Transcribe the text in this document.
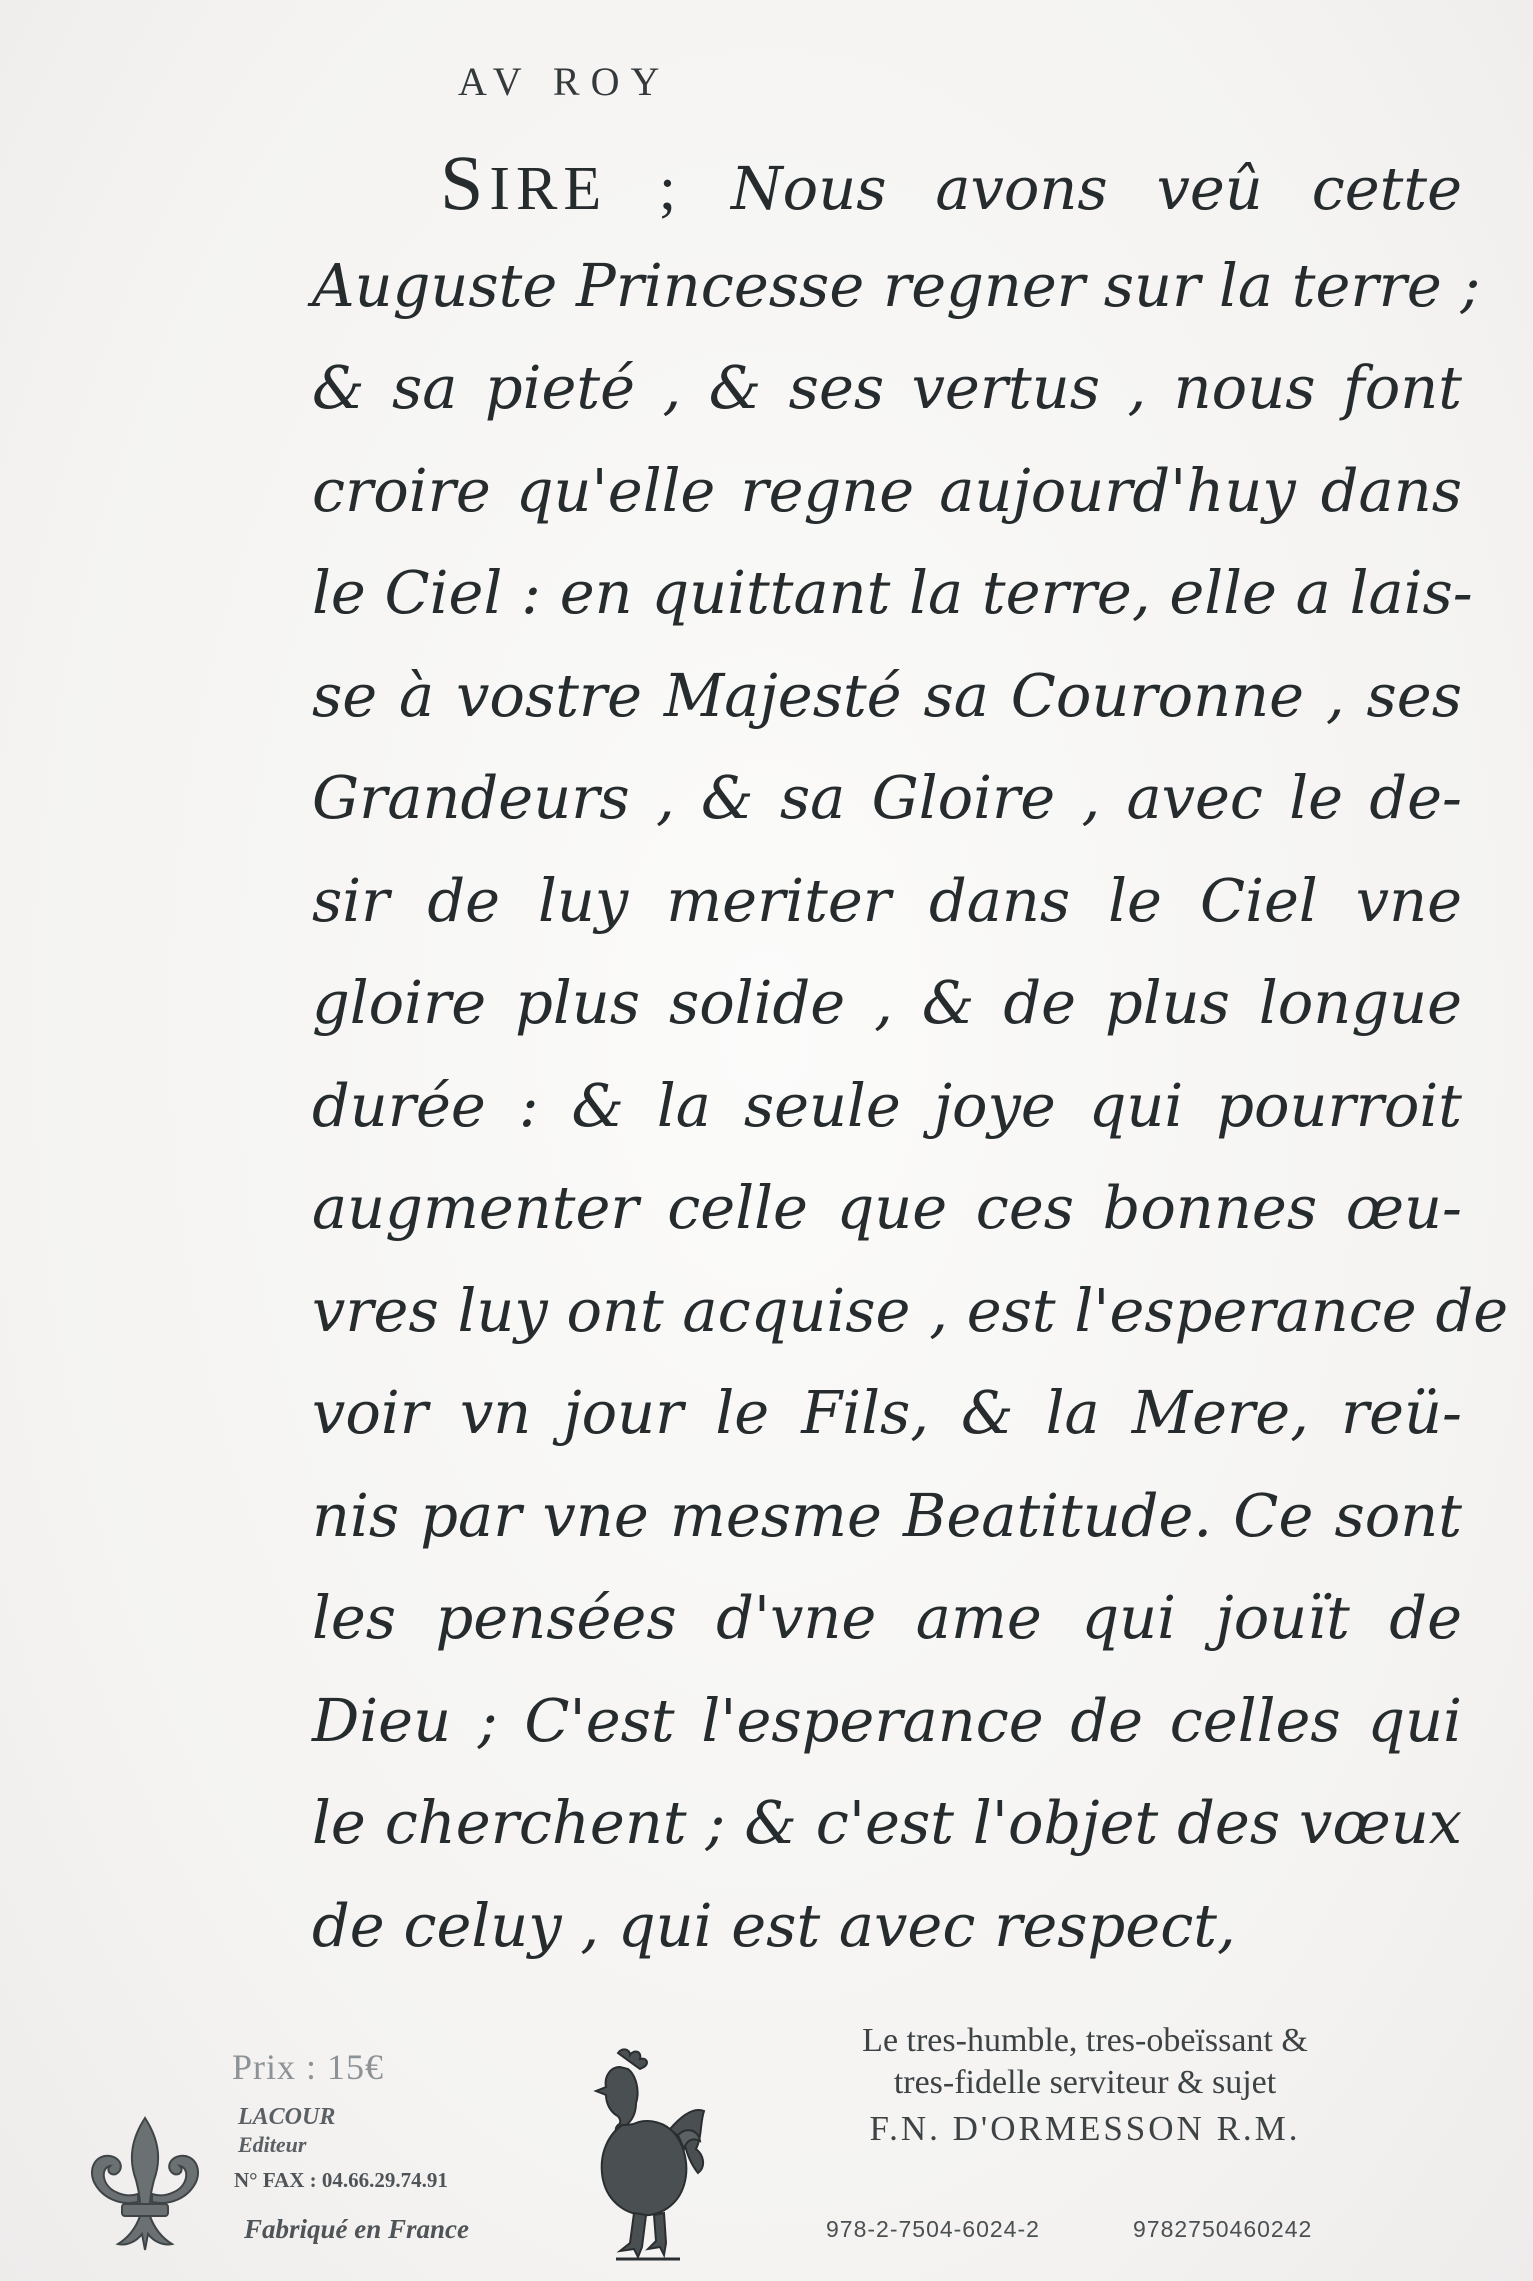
AV ROY
SIRE ; Nous avons veû cette
Auguste Princesse regner sur la terre ;
& sa pieté , & ses vertus , nous font
croire qu'elle regne aujourd'huy dans
le Ciel : en quittant la terre, elle a lais-
se à vostre Majesté sa Couronne , ses
Grandeurs , & sa Gloire , avec le de-
sir de luy meriter dans le Ciel vne
gloire plus solide , & de plus longue
durée : & la seule joye qui pourroit
augmenter celle que ces bonnes œu-
vres luy ont acquise , est l'esperance de
voir vn jour le Fils, & la Mere, reü-
nis par vne mesme Beatitude. Ce sont
les pensées d'vne ame qui jouït de
Dieu ; C'est l'esperance de celles qui
le cherchent ; & c'est l'objet des vœux
de celuy , qui est avec respect,
Le tres-humble, tres-obeïssant &
tres-fidelle serviteur & sujet
F.N. D'ORMESSON R.M.
978-2-7504-6024-2	9782750460242
Prix : 15€
LACOUR
Editeur
N° FAX : 04.66.29.74.91
Fabriqué en France
